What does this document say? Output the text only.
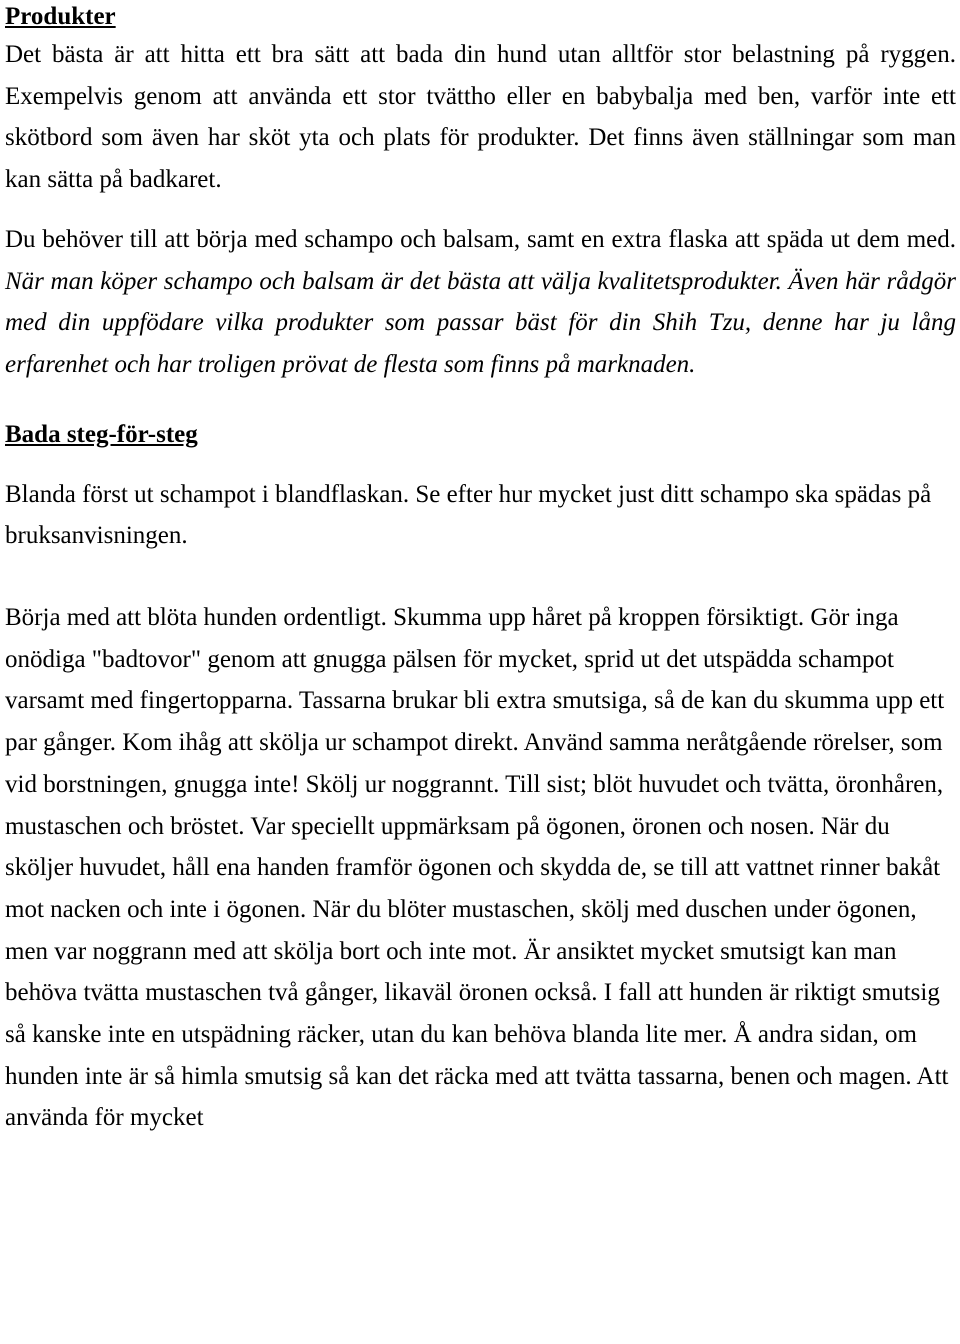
Produkter

Det bästa är att hitta ett bra sätt att bada din hund utan alltför stor belastning på ryggen. Exempelvis genom att använda ett stor tvättho eller en babybalja med ben, varför inte ett skötbord som även har sköt yta och plats för produkter. Det finns även ställningar som man kan sätta på badkaret.

Du behöver till att börja med schampo och balsam, samt en extra flaska att späda ut dem med. När man köper schampo och balsam är det bästa att välja kvalitetsprodukter. Även här rådgör med din uppfödare vilka produkter som passar bäst för din Shih Tzu, denne har ju lång erfarenhet och har troligen prövat de flesta som finns på marknaden.

Bada steg-för-steg

Blanda först ut schampot i blandflaskan. Se efter hur mycket just ditt schampo ska spädas på bruksanvisningen.

Börja med att blöta hunden ordentligt. Skumma upp håret på kroppen försiktigt. Gör inga onödiga "badtovor" genom att gnugga pälsen för mycket, sprid ut det utspädda schampot varsamt med fingertopparna. Tassarna brukar bli extra smutsiga, så de kan du skumma upp ett par gånger. Kom ihåg att skölja ur schampot direkt. Använd samma neråtgående rörelser, som vid borstningen, gnugga inte! Skölj ur noggrannt. Till sist; blöt huvudet och tvätta, öronhåren, mustaschen och bröstet. Var speciellt uppmärksam på ögonen, öronen och nosen. När du sköljer huvudet, håll ena handen framför ögonen och skydda de, se till att vattnet rinner bakåt mot nacken och inte i ögonen. När du blöter mustaschen, skölj med duschen under ögonen, men var noggrann med att skölja bort och inte mot. Är ansiktet mycket smutsigt kan man behöva tvätta mustaschen två gånger, likaväl öronen också. I fall att hunden är riktigt smutsig så kanske inte en utspädning räcker, utan du kan behöva blanda lite mer. Å andra sidan, om hunden inte är så himla smutsig så kan det räcka med att tvätta tassarna, benen och magen. Att använda för mycket
